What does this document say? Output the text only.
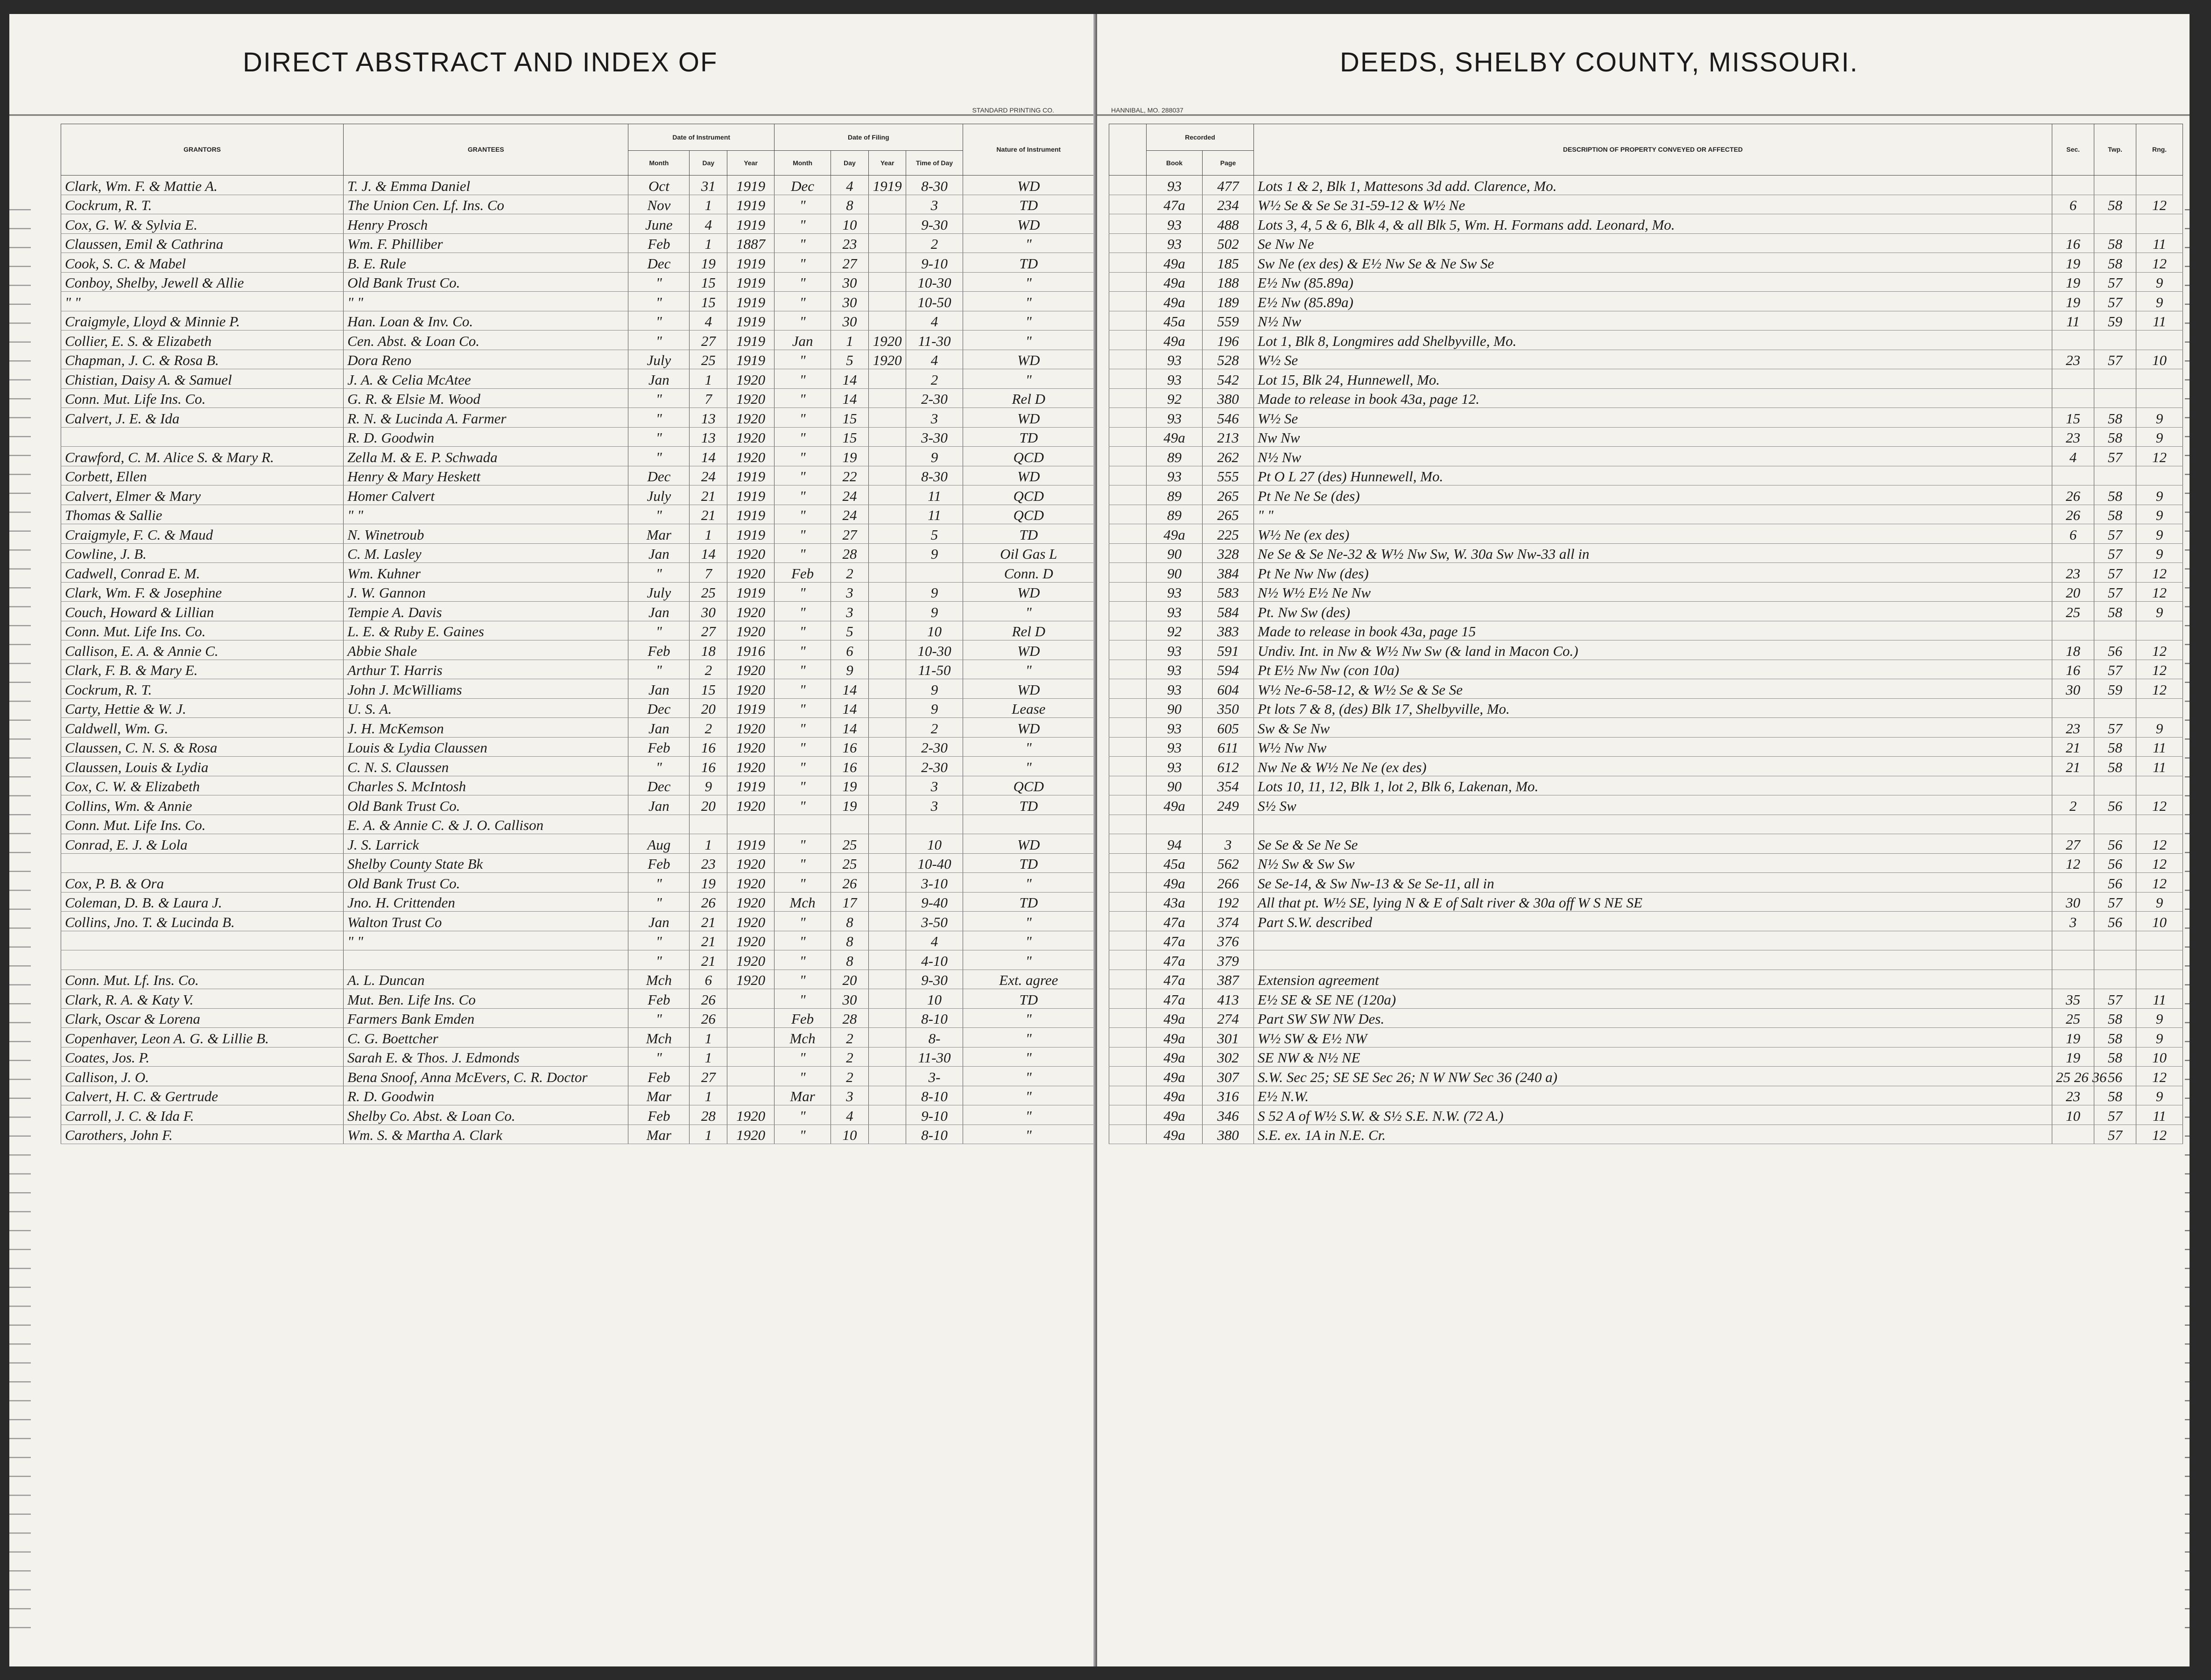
DIRECT ABSTRACT AND INDEX OF
STANDARD PRINTING CO.
GRANTORS	GRANTEES	Date of Instrument			Date of Filing				Nature of Instrument
		Month	Day	Year	Month	Day	Year	Time of Day	
Clark, Wm. F. & Mattie A.	T. J. & Emma Daniel	Oct	31	1919	Dec	4	1919	8-30	WD
Cockrum, R. T.	The Union Cen. Lf. Ins. Co	Nov	1	1919	"	8		3	TD
Cox, G. W. & Sylvia E.	Henry Prosch	June	4	1919	"	10		9-30	WD
Claussen, Emil & Cathrina	Wm. F. Philliber	Feb	1	1887	"	23		2	"
Cook, S. C. & Mabel	B. E. Rule	Dec	19	1919	"	27		9-10	TD
Conboy, Shelby, Jewell & Allie	Old Bank Trust Co.	"	15	1919	"	30		10-30	"
" "	" "	"	15	1919	"	30		10-50	"
Craigmyle, Lloyd & Minnie P.	Han. Loan & Inv. Co.	"	4	1919	"	30		4	"
Collier, E. S. & Elizabeth	Cen. Abst. & Loan Co.	"	27	1919	Jan	1	1920	11-30	"
Chapman, J. C. & Rosa B.	Dora Reno	July	25	1919	"	5	1920	4	WD
Chistian, Daisy A. & Samuel	J. A. & Celia McAtee	Jan	1	1920	"	14		2	"
Conn. Mut. Life Ins. Co.	G. R. & Elsie M. Wood	"	7	1920	"	14		2-30	Rel D
Calvert, J. E. & Ida	R. N. & Lucinda A. Farmer	"	13	1920	"	15		3	WD
	R. D. Goodwin	"	13	1920	"	15		3-30	TD
Crawford, C. M. Alice S. & Mary R.	Zella M. & E. P. Schwada	"	14	1920	"	19		9	QCD
Corbett, Ellen	Henry & Mary Heskett	Dec	24	1919	"	22		8-30	WD
Calvert, Elmer & Mary	Homer Calvert	July	21	1919	"	24		11	QCD
Thomas & Sallie	" "	"	21	1919	"	24		11	QCD
Craigmyle, F. C. & Maud	N. Winetroub	Mar	1	1919	"	27		5	TD
Cowline, J. B.	C. M. Lasley	Jan	14	1920	"	28		9	Oil Gas L
Cadwell, Conrad E. M.	Wm. Kuhner	"	7	1920	Feb	2			Conn. D
Clark, Wm. F. & Josephine	J. W. Gannon	July	25	1919	"	3		9	WD
Couch, Howard & Lillian	Tempie A. Davis	Jan	30	1920	"	3		9	"
Conn. Mut. Life Ins. Co.	L. E. & Ruby E. Gaines	"	27	1920	"	5		10	Rel D
Callison, E. A. & Annie C.	Abbie Shale	Feb	18	1916	"	6		10-30	WD
Clark, F. B. & Mary E.	Arthur T. Harris	"	2	1920	"	9		11-50	"
Cockrum, R. T.	John J. McWilliams	Jan	15	1920	"	14		9	WD
Carty, Hettie & W. J.	U. S. A.	Dec	20	1919	"	14		9	Lease
Caldwell, Wm. G.	J. H. McKemson	Jan	2	1920	"	14		2	WD
Claussen, C. N. S. & Rosa	Louis & Lydia Claussen	Feb	16	1920	"	16		2-30	"
Claussen, Louis & Lydia	C. N. S. Claussen	"	16	1920	"	16		2-30	"
Cox, C. W. & Elizabeth	Charles S. McIntosh	Dec	9	1919	"	19		3	QCD
Collins, Wm. & Annie	Old Bank Trust Co.	Jan	20	1920	"	19		3	TD
Conn. Mut. Life Ins. Co.	E. A. & Annie C. & J. O. Callison								
Conrad, E. J. & Lola	J. S. Larrick	Aug	1	1919	"	25		10	WD
	Shelby County State Bk	Feb	23	1920	"	25		10-40	TD
Cox, P. B. & Ora	Old Bank Trust Co.	"	19	1920	"	26		3-10	"
Coleman, D. B. & Laura J.	Jno. H. Crittenden	"	26	1920	Mch	17		9-40	TD
Collins, Jno. T. & Lucinda B.	Walton Trust Co	Jan	21	1920	"	8		3-50	"
	" "	"	21	1920	"	8		4	"
		"	21	1920	"	8		4-10	"
Conn. Mut. Lf. Ins. Co.	A. L. Duncan	Mch	6	1920	"	20		9-30	Ext. agree
Clark, R. A. & Katy V.	Mut. Ben. Life Ins. Co	Feb	26		"	30		10	TD
Clark, Oscar & Lorena	Farmers Bank Emden	"	26		Feb	28		8-10	"
Copenhaver, Leon A. G. & Lillie B.	C. G. Boettcher	Mch	1		Mch	2		8-	"
Coates, Jos. P.	Sarah E. & Thos. J. Edmonds	"	1		"	2		11-30	"
Callison, J. O.	Bena Snoof, Anna McEvers, C. R. Doctor	Feb	27		"	2		3-	"
Calvert, H. C. & Gertrude	R. D. Goodwin	Mar	1		Mar	3		8-10	"
Carroll, J. C. & Ida F.	Shelby Co. Abst. & Loan Co.	Feb	28	1920	"	4		9-10	"
Carothers, John F.	Wm. S. & Martha A. Clark	Mar	1	1920	"	10		8-10	"
DEEDS, SHELBY COUNTY, MISSOURI.
HANNIBAL, MO. 288037
	Recorded		DESCRIPTION OF PROPERTY CONVEYED OR AFFECTED	Sec.	Twp.	Rng.
	Book	Page				
	93	477	Lots 1 & 2, Blk 1, Mattesons 3d add. Clarence, Mo.			
	47a	234	W½ Se & Se Se 31-59-12 & W½ Ne	6	58	12
	93	488	Lots 3, 4, 5 & 6, Blk 4, & all Blk 5, Wm. H. Formans add. Leonard, Mo.			
	93	502	Se Nw Ne	16	58	11
	49a	185	Sw Ne (ex des) & E½ Nw Se & Ne Sw Se	19	58	12
	49a	188	E½ Nw (85.89a)	19	57	9
	49a	189	E½ Nw (85.89a)	19	57	9
	45a	559	N½ Nw	11	59	11
	49a	196	Lot 1, Blk 8, Longmires add Shelbyville, Mo.			
	93	528	W½ Se	23	57	10
	93	542	Lot 15, Blk 24, Hunnewell, Mo.			
	92	380	Made to release in book 43a, page 12.			
	93	546	W½ Se	15	58	9
	49a	213	Nw Nw	23	58	9
	89	262	N½ Nw	4	57	12
	93	555	Pt O L 27 (des) Hunnewell, Mo.			
	89	265	Pt Ne Ne Se (des)	26	58	9
	89	265	" "	26	58	9
	49a	225	W½ Ne (ex des)	6	57	9
	90	328	Ne Se & Se Ne-32 & W½ Nw Sw, W. 30a Sw Nw-33 all in		57	9
	90	384	Pt Ne Nw Nw (des)	23	57	12
	93	583	N½ W½ E½ Ne Nw	20	57	12
	93	584	Pt. Nw Sw (des)	25	58	9
	92	383	Made to release in book 43a, page 15			
	93	591	Undiv. Int. in Nw & W½ Nw Sw (& land in Macon Co.)	18	56	12
	93	594	Pt E½ Nw Nw (con 10a)	16	57	12
	93	604	W½ Ne-6-58-12, & W½ Se & Se Se	30	59	12
	90	350	Pt lots 7 & 8, (des) Blk 17, Shelbyville, Mo.			
	93	605	Sw & Se Nw	23	57	9
	93	611	W½ Nw Nw	21	58	11
	93	612	Nw Ne & W½ Ne Ne (ex des)	21	58	11
	90	354	Lots 10, 11, 12, Blk 1, lot 2, Blk 6, Lakenan, Mo.			
	49a	249	S½ Sw	2	56	12

	94	3	Se Se & Se Ne Se	27	56	12
	45a	562	N½ Sw & Sw Sw	12	56	12
	49a	266	Se Se-14, & Sw Nw-13 & Se Se-11, all in		56	12
	43a	192	All that pt. W½ SE, lying N & E of Salt river & 30a off W S NE SE	30	57	9
	47a	374	Part S.W. described	3	56	10
	47a	376				
	47a	379				
	47a	387	Extension agreement			
	47a	413	E½ SE & SE NE (120a)	35	57	11
	49a	274	Part SW SW NW Des.	25	58	9
	49a	301	W½ SW & E½ NW	19	58	9
	49a	302	SE NW & N½ NE	19	58	10
	49a	307	S.W. Sec 25; SE SE Sec 26; N W NW Sec 36 (240 a)	25 26 36	56	12
	49a	316	E½ N.W.	23	58	9
	49a	346	S 52 A of W½ S.W. & S½ S.E. N.W. (72 A.)	10	57	11
	49a	380	S.E. ex. 1A in N.E. Cr.		57	12
